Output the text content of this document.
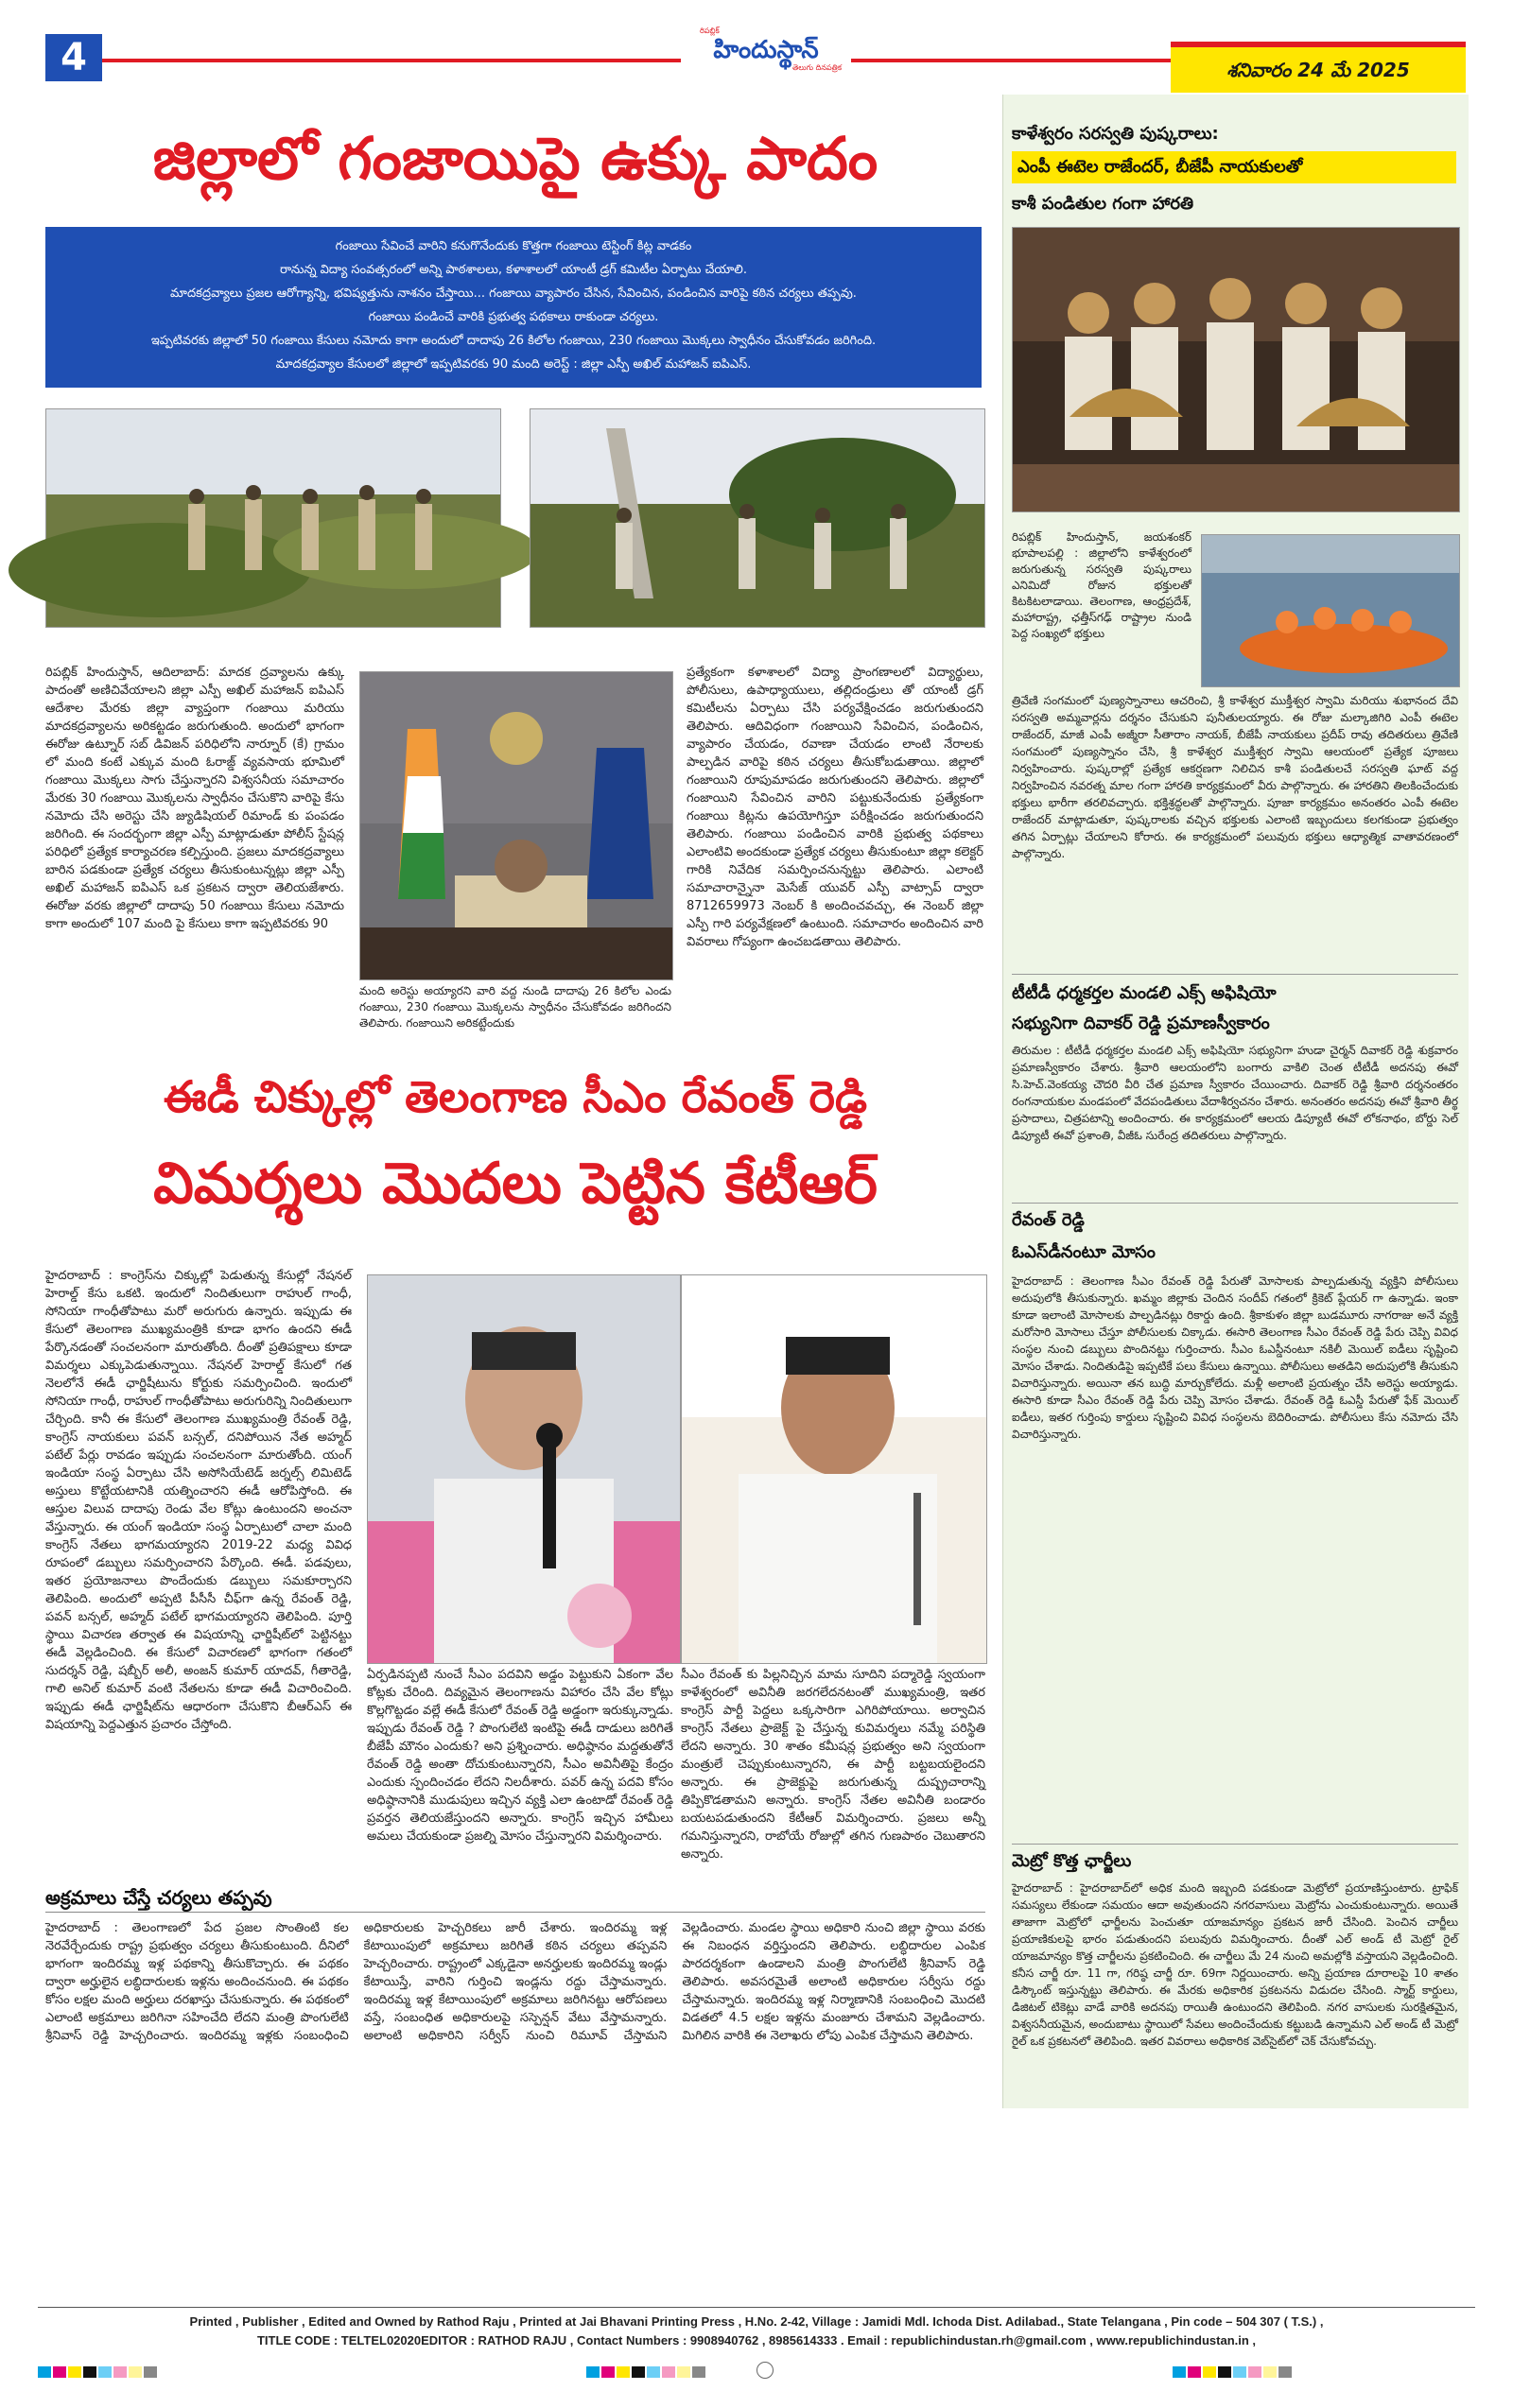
4
రిపబ్లిక్
హిందుస్థాన్
తెలుగు దినపత్రిక	శనివారం 24 మే 2025
జిల్లాలో గంజాయిపై ఉక్కు పాదం
గంజాయి సేవించే వారిని కనుగొనేందుకు కొత్తగా గంజాయి టెస్టింగ్ కిట్ల వాడకం
రానున్న విద్యా సంవత్సరంలో అన్ని పాఠశాలలు, కళాశాలలో యాంటీ డ్రగ్ కమిటీల ఏర్పాటు చేయాలి.
మాదకద్రవ్యాలు ప్రజల ఆరోగ్యాన్ని, భవిష్యత్తును నాశనం చేస్తాయి... గంజాయి వ్యాపారం చేసిన, సేవించిన, పండించిన వారిపై కఠిన చర్యలు తప్పవు.
గంజాయి పండించే వారికి ప్రభుత్వ పథకాలు రాకుండా చర్యలు.
ఇప్పటివరకు జిల్లాలో 50 గంజాయి కేసులు నమోదు కాగా అందులో దాదాపు 26 కిలోల గంజాయి, 230 గంజాయి మొక్కలు స్వాధీనం చేసుకోవడం జరిగింది.
మాదకద్రవ్యాల కేసులలో జిల్లాలో ఇప్పటివరకు 90 మంది అరెస్ట్ : జిల్లా ఎస్పీ అఖిల్ మహాజన్ ఐపిఎస్.

రిపబ్లిక్ హిందుస్తాన్, ఆదిలాబాద్: మాదక ద్రవ్యాలను ఉక్కు పాదంతో అణిచివేయాలని జిల్లా ఎస్పీ అఖిల్ మహాజన్ ఐపిఎస్ ఆదేశాల మేరకు జిల్లా వ్యాప్తంగా గంజాయి మరియు మాదకద్రవ్యాలను అరికట్టడం జరుగుతుంది. అందులో భాగంగా ఈరోజు ఉట్నూర్ సబ్ డివిజన్ పరిధిలోని నార్నూర్ (కే) గ్రామం లో మంది కంటే ఎక్కువ మంది ఓరాజ్డ్ వ్యవసాయ భూమిలో గంజాయి మొక్కలు సాగు చేస్తున్నారని విశ్వసనీయ సమాచారం మేరకు 30 గంజాయి మొక్కలను స్వాధీనం చేసుకొని వారిపై కేసు నమోదు చేసి అరెస్టు చేసి జ్యుడిషియల్ రిమాండ్ కు పంపడం జరిగింది. ఈ సందర్భంగా జిల్లా ఎస్పీ మాట్లాడుతూ పోలీస్ స్టేషన్ల పరిధిలో ప్రత్యేక కార్యాచరణ కల్పిస్తుంది. ప్రజలు మాదకద్రవ్యాలు బారిన పడకుండా ప్రత్యేక చర్యలు తీసుకుంటున్నట్లు జిల్లా ఎస్పీ అఖిల్ మహాజన్ ఐపిఎస్ ఒక ప్రకటన ద్వారా తెలియజేశారు. ఈరోజు వరకు జిల్లాలో దాదాపు 50 గంజాయి కేసులు నమోదు కాగా అందులో 107 మంది పై కేసులు కాగా ఇప్పటివరకు 90

మంది అరెస్టు అయ్యారని వారి వద్ద నుండి దాదాపు 26 కిలోల ఎండు గంజాయి, 230 గంజాయి మొక్కలను స్వాధీనం చేసుకోవడం జరిగిందని తెలిపారు. గంజాయిని అరికట్టేందుకు

ప్రత్యేకంగా కళాశాలలో విద్యా ప్రాంగణాలలో విద్యార్థులు, పోలీసులు, ఉపాధ్యాయులు, తల్లిదండ్రులు తో యాంటీ డ్రగ్ కమిటీలను ఏర్పాటు చేసి పర్యవేక్షించడం జరుగుతుందని తెలిపారు. ఆదివిధంగా గంజాయిని సేవించిన, పండించిన, వ్యాపారం చేయడం, రవాణా చేయడం లాంటి నేరాలకు పాల్పడిన వారిపై కఠిన చర్యలు తీసుకోబడుతాయి. జిల్లాలో గంజాయిని రూపుమాపడం జరుగుతుందని తెలిపారు. జిల్లాలో గంజాయిని సేవించిన వారిని పట్టుకునేందుకు ప్రత్యేకంగా గంజాయి కిట్లను ఉపయోగిస్తూ పరీక్షించడం జరుగుతుందని తెలిపారు. గంజాయి పండించిన వారికి ప్రభుత్వ పథకాలు ఎలాంటివి అందకుండా ప్రత్యేక చర్యలు తీసుకుంటూ జిల్లా కలెక్టర్ గారికి నివేదిక సమర్పించనున్నట్టు తెలిపారు. ఎలాంటి సమాచారాన్నైనా మెసేజ్ యువర్ ఎస్పీ వాట్సాప్ ద్వారా 8712659973 నెంబర్ కి అందించవచ్చు, ఈ నెంబర్ జిల్లా ఎస్పీ గారి పర్యవేక్షణలో ఉంటుంది. సమాచారం అందించిన వారి వివరాలు గోప్యంగా ఉంచబడతాయి తెలిపారు.

ఈడీ చిక్కుల్లో తెలంగాణ సీఎం రేవంత్ రెడ్డి
విమర్శలు మొదలు పెట్టిన కేటీఆర్

హైదరాబాద్ : కాంగ్రెస్‌ను చిక్కుల్లో పెడుతున్న కేసుల్లో నేషనల్ హెరాల్డ్ కేసు ఒకటి. ఇందులో నిందితులుగా రాహుల్ గాంధీ, సోనియా గాంధీతోపాటు మరో అరుగురు ఉన్నారు. ఇప్పుడు ఈ కేసులో తెలంగాణ ముఖ్యమంత్రికి కూడా భాగం ఉందని ఈడీ పేర్కొనడంతో సంచలనంగా మారుతోంది. దీంతో ప్రతిపక్షాలు కూడా విమర్శలు ఎక్కుపెడుతున్నాయి. నేషనల్ హెరాల్డ్ కేసులో గత నెలలోనే ఈడీ ఛార్జిషీటును కోర్టుకు సమర్పించింది. ఇందులో సోనియా గాంధీ, రాహుల్ గాంధీతోపాటు అరుగురిన్ని నిందితులుగా చేర్చింది. కానీ ఈ కేసులో తెలంగాణ ముఖ్యమంత్రి రేవంత్ రెడ్డి, కాంగ్రెస్ నాయకులు పవన్ బన్సల్, దనిపోయిన నేత అహ్మద్ పటేల్ పేర్లు రావడం ఇప్పుడు సంచలనంగా మారుతోంది. యంగ్ ఇండియా సంస్థ ఏర్పాటు చేసి అసోసియేటెడ్ జర్నల్స్ లిమిటెడ్ అస్తులు కొట్టేయటానికి యత్నించారని ఈడీ ఆరోపిస్తోంది. ఈ ఆస్తుల విలువ దాదాపు రెండు వేల కోట్లు ఉంటుందని అంచనా వేస్తున్నారు. ఈ యంగ్ ఇండియా సంస్థ ఏర్పాటులో చాలా మంది కాంగ్రెస్ నేతలు భాగమయ్యారని 2019-22 మధ్య వివిధ రూపంలో డబ్బులు సమర్పించారని పేర్కొంది. ఈడీ. పడవులు, ఇతర ప్రయోజనాలు పొందేందుకు డబ్బులు సమకూర్చారని తెలిపింది. అందులో అప్పటి పీసీసీ చీఫ్‌గా ఉన్న రేవంత్ రెడ్డి, పవన్ బన్సల్, అహ్మద్ పటేల్ భాగమయ్యారని తెలిపింది. పూర్తి స్థాయి విచారణ తర్వాత ఈ విషయాన్ని ఛార్జిషీట్‌లో పెట్టినట్టు ఈడీ వెల్లడించింది. ఈ కేసులో విచారణలో భాగంగా గతంలో సుదర్శన్ రెడ్డి, షబ్బీర్ అలీ, అంజన్ కుమార్ యాదవ్, గీతారెడ్డి, గాలి అనిల్ కుమార్ వంటి నేతలను కూడా ఈడీ విచారించింది. ఇప్పుడు ఈడీ ఛార్జిషీట్‌ను ఆధారంగా చేసుకొని బీఆర్ఎస్ ఈ విషయాన్ని పెద్దఎత్తున ప్రచారం చేస్తోంది.

ఏర్పడినప్పటి నుంచే సీఎం పదవిని అడ్డం పెట్టుకుని ఏకంగా వేల కోట్లకు చేరింది. దివ్యమైన తెలంగాణను విహారం చేసి వేల కోట్లు కొల్లగొట్టడం వల్లే ఈడీ కేసులో రేవంత్ రెడ్డి అడ్డంగా ఇరుక్కున్నాడు. ఇప్పుడు రేవంత్ రెడ్డి ? పొంగులేటి ఇంటిపై ఈడీ దాడులు జరిగితే బీజేపీ మౌనం ఎందుకు? అని ప్రశ్నించారు. అధిష్ఠానం మద్దతుతోనే రేవంత్ రెడ్డి అంతా దోచుకుంటున్నారని, సీఎం అవినీతిపై కేంద్రం ఎందుకు స్పందించడం లేదని నిలదీశారు. పవర్ ఉన్న పదవి కోసం అధిష్ఠానానికి ముడుపులు ఇచ్చిన వ్యక్తి ఎలా ఉంటాడో రేవంత్ రెడ్డి ప్రవర్తన తెలియజేస్తుందని అన్నారు. కాంగ్రెస్ ఇచ్చిన హామీలు అమలు చేయకుండా ప్రజల్ని మోసం చేస్తున్నారని విమర్శించారు.

సీఎం రేవంత్ కు పిల్లనిచ్చిన మామ సూదిని పద్మారెడ్డి స్వయంగా కాళేశ్వరంలో అవినీతి జరగలేదనటంతో ముఖ్యమంత్రి, ఇతర కాంగ్రెస్ పార్టీ పెద్దలు ఒక్కసారిగా ఎగిరిపోయాయి. అర్వాచిన కాంగ్రెస్ నేతలు ప్రాజెక్ట్ పై చేస్తున్న కువిమర్శలు నమ్మే పరిస్థితి లేదని అన్నారు. 30 శాతం కమీషన్ల ప్రభుత్వం అని స్వయంగా మంత్రులే చెప్పుకుంటున్నారని, ఈ పార్టీ బట్టబయలైందని అన్నారు. ఈ ప్రాజెక్టుపై జరుగుతున్న దుష్ప్రచారాన్ని తిప్పికొడతామని అన్నారు. కాంగ్రెస్ నేతల అవినీతి బండారం బయటపడుతుందని కేటీఆర్ విమర్శించారు. ప్రజలు అన్నీ గమనిస్తున్నారని, రాబోయే రోజుల్లో తగిన గుణపాఠం చెబుతారని అన్నారు.

అక్రమాలు చేస్తే చర్యలు తప్పవు

హైదరాబాద్ : తెలంగాణలో పేద ప్రజల సొంతింటి కల నెరవేర్చేందుకు రాష్ట్ర ప్రభుత్వం చర్యలు తీసుకుంటుంది. దీనిలో భాగంగా ఇందిరమ్మ ఇళ్ల పథకాన్ని తీసుకొచ్చారు. ఈ పథకం ద్వారా అర్హులైన లబ్ధిదారులకు ఇళ్లను అందించనుంది. ఈ పథకం కోసం లక్షల మంది అర్హులు దరఖాస్తు చేసుకున్నారు. ఈ పథకంలో ఎలాంటి అక్రమాలు జరిగినా సహించేది లేదని మంత్రి పొంగులేటి శ్రీనివాస్ రెడ్డి హెచ్చరించారు. ఇందిరమ్మ ఇళ్లకు సంబంధించి అధికారులకు హెచ్చరికలు జారీ చేశారు. ఇందిరమ్మ ఇళ్ల కేటాయింపులో అక్రమాలు జరిగితే కఠిన చర్యలు తప్పవని హెచ్చరించారు. రాష్ట్రంలో ఎక్కడైనా అనర్హులకు ఇందిరమ్మ ఇండ్లు కేటాయిస్తే, వారిని గుర్తించి ఇండ్లను రద్దు చేస్తామన్నారు. ఇందిరమ్మ ఇళ్ల కేటాయింపులో అక్రమాలు జరిగినట్టు ఆరోపణలు వస్తే, సంబంధిత అధికారులపై సస్పెన్షన్ వేటు వేస్తామన్నారు. అలాంటి అధికారిని సర్వీస్ నుంచి రిమూవ్ చేస్తామని వెల్లడించారు. మండల స్థాయి అధికారి నుంచి జిల్లా స్థాయి వరకు ఈ నిబంధన వర్తిస్తుందని తెలిపారు. లబ్ధిదారుల ఎంపిక పారదర్శకంగా ఉండాలని మంత్రి పొంగులేటి శ్రీనివాస్ రెడ్డి తెలిపారు. అవసరమైతే అలాంటి అధికారుల సర్వీసు రద్దు చేస్తామన్నారు. ఇందిరమ్మ ఇళ్ల నిర్మాణానికి సంబంధించి మొదటి విడతలో 4.5 లక్షల ఇళ్లను మంజూరు చేశామని వెల్లడించారు. మిగిలిన వారికి ఈ నెలాఖరు లోపు ఎంపిక చేస్తామని తెలిపారు.

కాళేశ్వరం సరస్వతి పుష్కరాలు:
ఎంపీ ఈటెల రాజేందర్, బీజేపీ నాయకులతో
కాశీ పండితుల గంగా హారతి

రిపబ్లిక్ హిందుస్తాన్, జయశంకర్ భూపాలపల్లి : జిల్లాలోని కాళేశ్వరంలో జరుగుతున్న సరస్వతి పుష్కరాలు ఎనిమిదో రోజున భక్తులతో కిటకిటలాడాయి. తెలంగాణ, ఆంధ్రప్రదేశ్, మహారాష్ట్ర, ఛత్తీస్‌గఢ్ రాష్ట్రాల నుండి పెద్ద సంఖ్యలో భక్తులు

త్రివేణి సంగమంలో పుణ్యస్నానాలు ఆచరించి, శ్రీ కాళేశ్వర ముక్తీశ్వర స్వామి మరియు శుభానంద దేవి సరస్వతి అమ్మవార్లను దర్శనం చేసుకుని పునీతులయ్యారు. ఈ రోజు మల్కాజిగిరి ఎంపీ ఈటెల రాజేందర్, మాజీ ఎంపీ అజ్మీరా సీతారాం నాయక్, బీజేపీ నాయకులు ప్రదీప్ రావు తదితరులు త్రివేణి సంగమంలో పుణ్యస్నానం చేసి, శ్రీ కాళేశ్వర ముక్తీశ్వర స్వామి ఆలయంలో ప్రత్యేక పూజలు నిర్వహించారు. పుష్కరాల్లో ప్రత్యేక ఆకర్షణగా నిలిచిన కాశీ పండితులచే సరస్వతి ఘాట్ వద్ద నిర్వహించిన నవరత్న మాల గంగా హారతి కార్యక్రమంలో వీరు పాల్గొన్నారు. ఈ హారతిని తిలకించేందుకు భక్తులు భారీగా తరలివచ్చారు. భక్తిశ్రద్ధలతో పాల్గొన్నారు. పూజా కార్యక్రమం అనంతరం ఎంపీ ఈటెల రాజేందర్ మాట్లాడుతూ, పుష్కరాలకు వచ్చిన భక్తులకు ఎలాంటి ఇబ్బందులు కలగకుండా ప్రభుత్వం తగిన ఏర్పాట్లు చేయాలని కోరారు. ఈ కార్యక్రమంలో పలువురు భక్తులు ఆధ్యాత్మిక వాతావరణంలో పాల్గొన్నారు.

టీటీడీ ధర్మకర్తల మండలి ఎక్స్ అఫిషియో
సభ్యునిగా దివాకర్ రెడ్డి ప్రమాణస్వీకారం

తిరుమల : టీటీడీ ధర్మకర్తల మండలి ఎక్స్ అఫిషియో సభ్యునిగా హుడా చైర్మన్ దివాకర్ రెడ్డి శుక్రవారం ప్రమాణస్వీకారం చేశారు. శ్రీవారి ఆలయంలోని బంగారు వాకిలి చెంత టీటీడీ అదనపు ఈవో సి.హెచ్.వెంకయ్య చౌదరి వీరి చేత ప్రమాణ స్వీకారం చేయించారు. దివాకర్ రెడ్డి శ్రీవారి దర్శనంతరం రంగనాయకుల మండపంలో వేదపండితులు వేదాశీర్వచనం చేశారు. అనంతరం అదనపు ఈవో శ్రీవారి తీర్థ ప్రసాదాలు, చిత్రపటాన్ని అందించారు. ఈ కార్యక్రమంలో ఆలయ డిప్యూటీ ఈవో లోకనాథం, బోర్డు సెల్ డిప్యూటీ ఈవో ప్రశాంతి, వీజీఓ సురేంద్ర తదితరులు పాల్గొన్నారు.

రేవంత్ రెడ్డి
ఓఎస్‌డీనంటూ మోసం

హైదరాబాద్ : తెలంగాణ సీఎం రేవంత్ రెడ్డి పేరుతో మోసాలకు పాల్పడుతున్న వ్యక్తిని పోలీసులు అదుపులోకి తీసుకున్నారు. ఖమ్మం జిల్లాకు చెందిన సందీప్ గతంలో క్రికెట్ ప్లేయర్ గా ఉన్నాడు. ఇంకా కూడా ఇలాంటి మోసాలకు పాల్పడినట్లు రికార్డు ఉంది. శ్రీకాకుళం జిల్లా బుడమూరు నాగరాజు అనే వ్యక్తి మరోసారి మోసాలు చేస్తూ పోలీసులకు చిక్కాడు. ఈసారి తెలంగాణ సీఎం రేవంత్ రెడ్డి పేరు చెప్పి వివిధ సంస్థల నుంచి డబ్బులు పొందినట్టు గుర్తించారు. సీఎం ఓఎస్డీనంటూ నకిలీ మెయిల్ ఐడీలు సృష్టించి మోసం చేశాడు. నిందితుడిపై ఇప్పటికే పలు కేసులు ఉన్నాయి. పోలీసులు అతడిని అదుపులోకి తీసుకుని విచారిస్తున్నారు. అయినా తన బుద్ధి మార్చుకోలేదు. మళ్లీ అలాంటి ప్రయత్నం చేసి అరెస్టు అయ్యాడు. ఈసారి కూడా సీఎం రేవంత్ రెడ్డి పేరు చెప్పి మోసం చేశాడు. రేవంత్ రెడ్డి ఓఎస్డీ పేరుతో ఫేక్ మెయిల్ ఐడీలు, ఇతర గుర్తింపు కార్డులు సృష్టించి వివిధ సంస్థలను బెదిరించాడు. పోలీసులు కేసు నమోదు చేసి విచారిస్తున్నారు.

మెట్రో కొత్త ఛార్జీలు

హైదరాబాద్ : హైదరాబాద్‌లో అధిక మంది ఇబ్బంది పడకుండా మెట్రోలో ప్రయాణిస్తుంటారు. ట్రాఫిక్ సమస్యలు లేకుండా సమయం ఆదా అవుతుందని నగరవాసులు మెట్రోను ఎంచుకుంటున్నారు. అయితే తాజాగా మెట్రోలో ఛార్జీలను పెంచుతూ యాజమాన్యం ప్రకటన జారీ చేసింది. పెంచిన చార్జీలు ప్రయాణికులపై భారం పడుతుందని పలువురు విమర్శించారు. దీంతో ఎల్ అండ్ టీ మెట్రో రైల్ యాజమాన్యం కొత్త చార్జీలను ప్రకటించింది. ఈ చార్జీలు మే 24 నుంచి అమల్లోకి వస్తాయని వెల్లడించింది. కనీస చార్జీ రూ. 11 గా, గరిష్ఠ చార్జీ రూ. 69గా నిర్ణయించారు. అన్ని ప్రయాణ దూరాలపై 10 శాతం డిస్కౌంట్ ఇస్తున్నట్టు తెలిపారు. ఈ మేరకు అధికారిక ప్రకటనను విడుదల చేసింది. స్మార్ట్ కార్డులు, డిజిటల్ టికెట్లు వాడే వారికి అదనపు రాయితీ ఉంటుందని తెలిపింది. నగర వాసులకు సురక్షితమైన, విశ్వసనీయమైన, అందుబాటు స్థాయిలో సేవలు అందించేందుకు కట్టుబడి ఉన్నామని ఎల్ అండ్ టీ మెట్రో రైల్ ఒక ప్రకటనలో తెలిపింది. ఇతర వివరాలు అధికారిక వెబ్‌సైట్‌లో చెక్ చేసుకోవచ్చు.

Printed , Publisher , Edited and Owned by Rathod Raju , Printed at Jai Bhavani Printing Press , H.No. 2-42, Village : Jamidi Mdl. Ichoda Dist. Adilabad., State Telangana , Pin code – 504 307 ( T.S.) ,
TITLE CODE : TELTEL02020EDITOR : RATHOD RAJU , Contact Numbers : 9908940762 , 8985614333 . Email : republichindustan.rh@gmail.com , www.republichindustan.in ,
